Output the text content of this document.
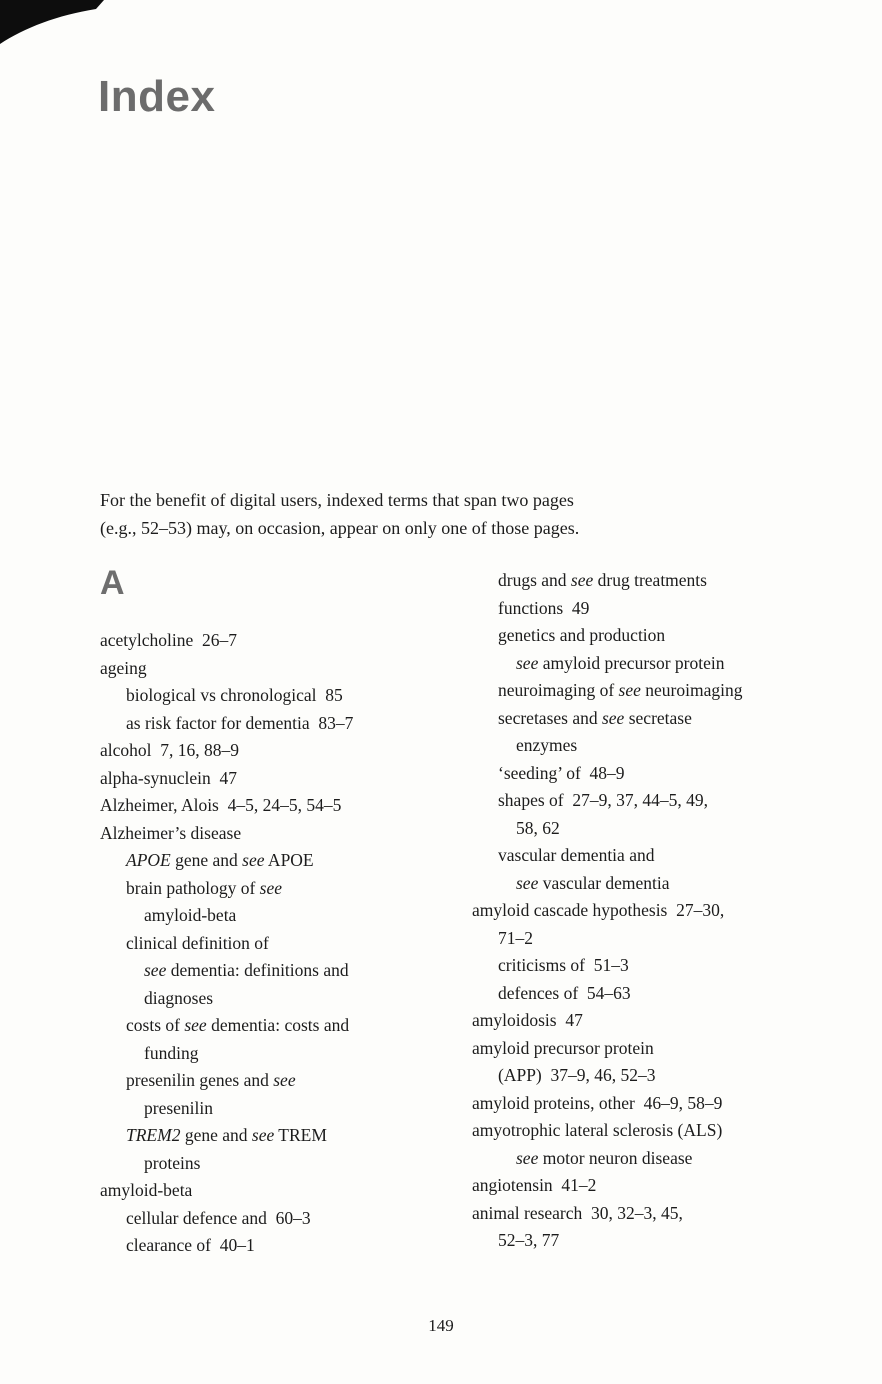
Index
For the benefit of digital users, indexed terms that span two pages
(e.g., 52–53) may, on occasion, appear on only one of those pages.
A
acetylcholine  26–7
ageing
biological vs chronological  85
as risk factor for dementia  83–7
alcohol  7, 16, 88–9
alpha-synuclein  47
Alzheimer, Alois  4–5, 24–5, 54–5
Alzheimer’s disease
APOE gene and see APOE
brain pathology of see
amyloid-beta
clinical definition of
see dementia: definitions and
diagnoses
costs of see dementia: costs and
funding
presenilin genes and see
presenilin
TREM2 gene and see TREM
proteins
amyloid-beta
cellular defence and  60–3
clearance of  40–1
drugs and see drug treatments
functions  49
genetics and production
see amyloid precursor protein
neuroimaging of see neuroimaging
secretases and see secretase
enzymes
‘seeding’ of  48–9
shapes of  27–9, 37, 44–5, 49,
58, 62
vascular dementia and
see vascular dementia
amyloid cascade hypothesis  27–30,
71–2
criticisms of  51–3
defences of  54–63
amyloidosis  47
amyloid precursor protein
(APP)  37–9, 46, 52–3
amyloid proteins, other  46–9, 58–9
amyotrophic lateral sclerosis (ALS)
see motor neuron disease
angiotensin  41–2
animal research  30, 32–3, 45,
52–3, 77
149
